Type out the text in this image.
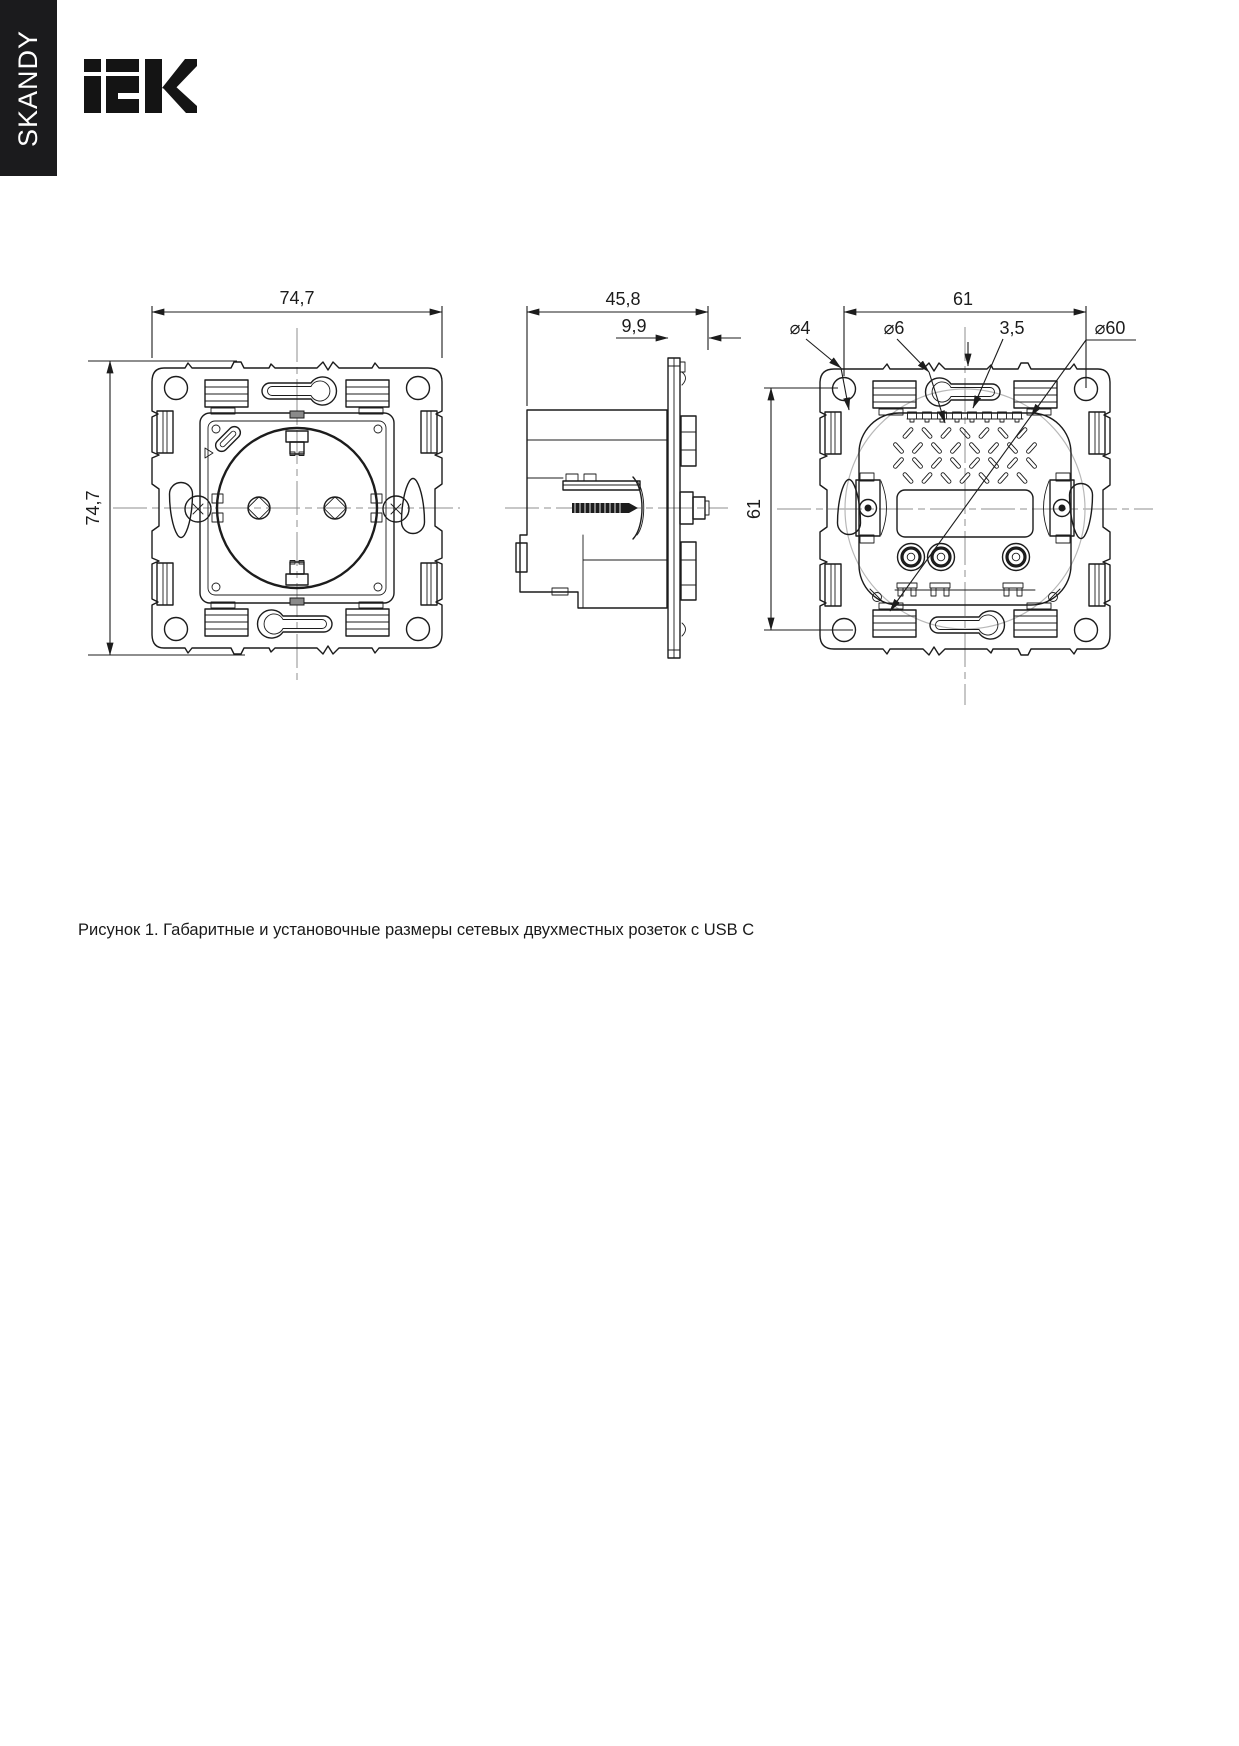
SKANDY
74,7
74,7
45,8
9,9
61
61
⌀4	⌀6	3,5	⌀60
Рисунок 1. Габаритные и установочные размеры сетевых двухместных розеток с USB C
